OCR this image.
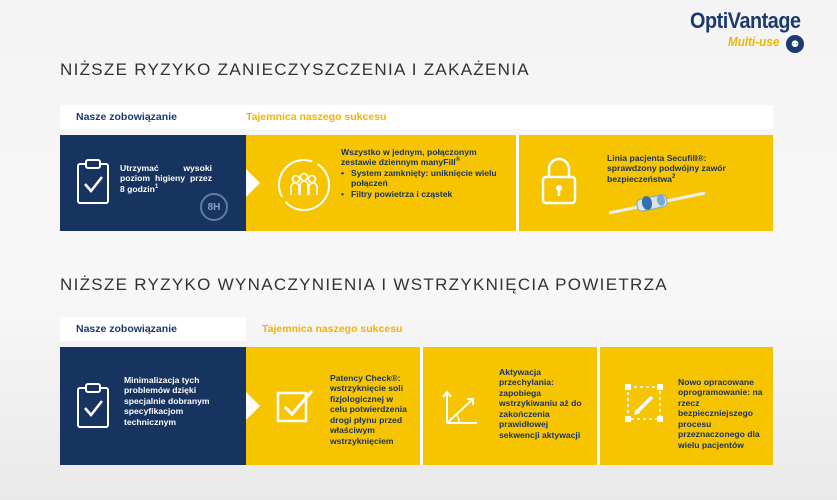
OptiVantage
Multi-use	⚉
NIŻSZE RYZYKO ZANIECZYSZCZENIA I ZAKAŻENIA
Nasze zobowiązanie	Tajemnica naszego sukcesu
Utrzymać wysoki poziom higieny przez 8 godzin$^1$
8H
Wszystko w jednym, połączonym zestawie dziennym manyFill®
• System zamknięty: uniknięcie wielu połączeń
• Filtry powietrza i cząstek
Linia pacjenta Secufill®: sprawdzony podwójny zawór bezpieczeństwa$^2$
NIŻSZE RYZYKO WYNACZYNIENIA I WSTRZYKNIĘCIA POWIETRZA
Nasze zobowiązanie	Tajemnica naszego sukcesu
Minimalizacja tych problemów dzięki specjalnie dobranym specyfikacjom technicznym
Patency Check®: wstrzyknięcie soli fizjologicznej w celu potwierdzenia drogi płynu przed właściwym wstrzyknięciem
Aktywacja przechylania: zapobiega wstrzykiwaniu aż do zakończenia prawidłowej sekwencji aktywacji
Nowo opracowane oprogramowanie: na rzecz bezpieczniejszego procesu przeznaczonego dla wielu pacjentów
